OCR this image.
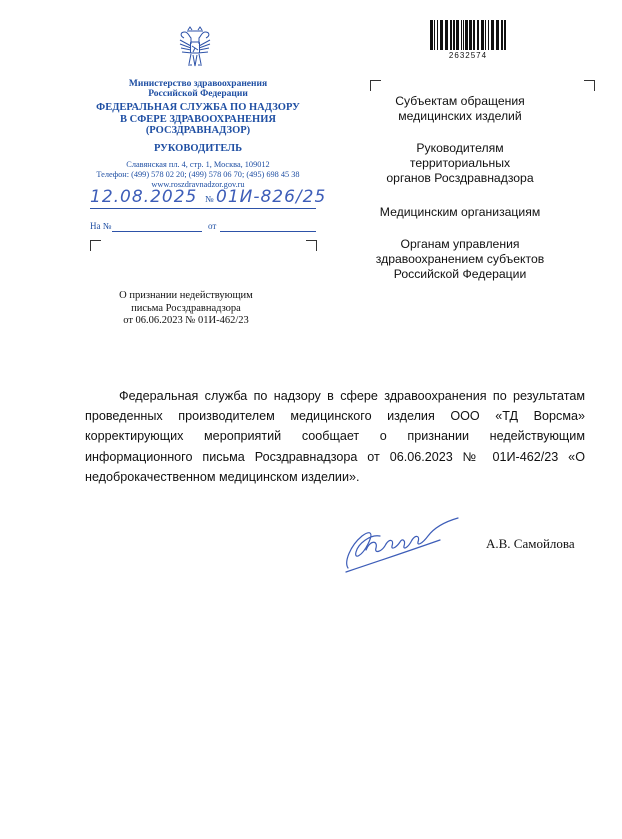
Министерство здравоохранения
Российской Федерации
ФЕДЕРАЛЬНАЯ СЛУЖБА ПО НАДЗОРУ
В СФЕРЕ ЗДРАВООХРАНЕНИЯ
(РОСЗДРАВНАДЗОР)
РУКОВОДИТЕЛЬ
Славянская пл. 4, стр. 1, Москва, 109012
Телефон: (499) 578 02 20; (499) 578 06 70; (495) 698 45 38
www.roszdravnadzor.gov.ru
12.08.2025 № 01И-826/25
На №	от
2632574
Субъектам обращения
медицинских изделий
Руководителям
территориальных
органов Росздравнадзора
Медицинским организациям
Органам управления
здравоохранением субъектов
Российской Федерации
О признании недействующим
письма Росздравнадзора
от 06.06.2023 № 01И-462/23
Федеральная служба по надзору в сфере здравоохранения по результатам проведенных производителем медицинского изделия ООО «ТД Ворсма» корректирующих мероприятий сообщает о признании недействующим информационного письма Росздравнадзора от 06.06.2023 № 01И-462/23 «О недоброкачественном медицинском изделии».
А.В. Самойлова
